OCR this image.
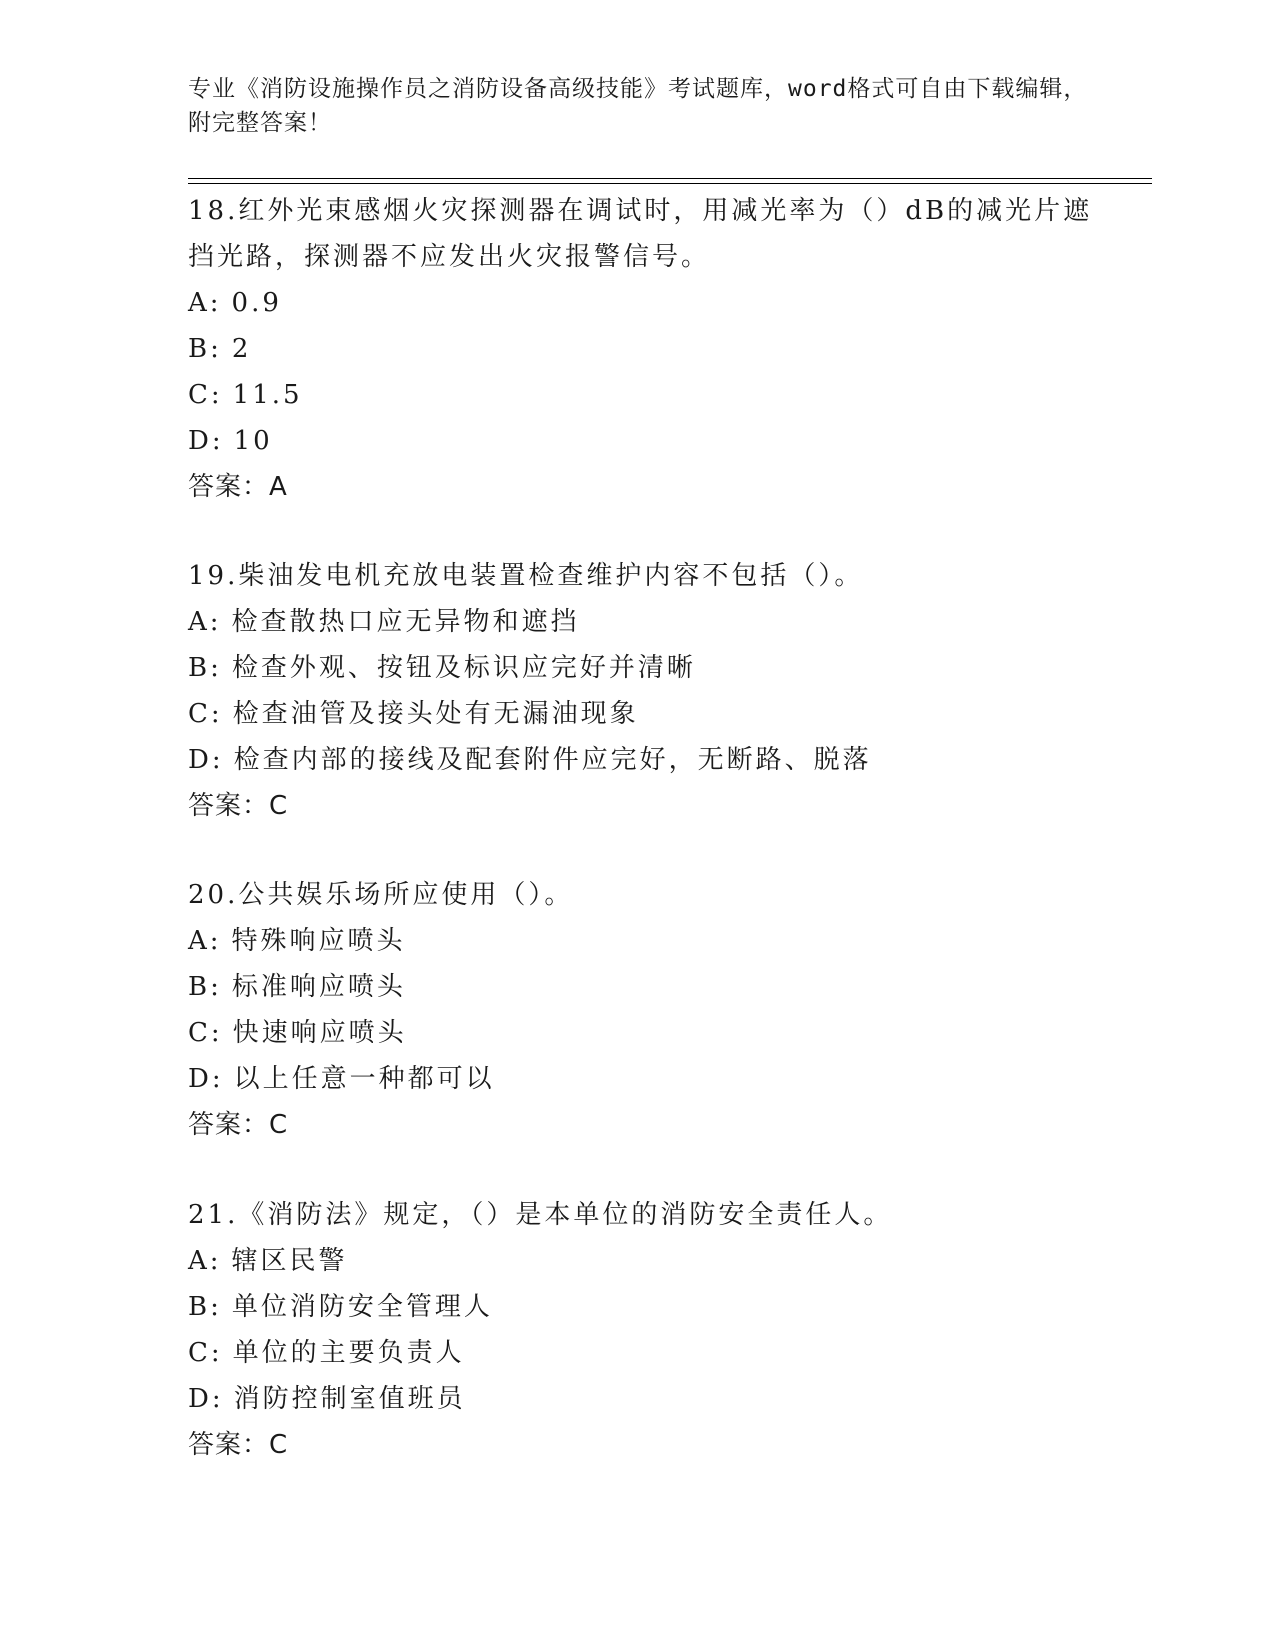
专业《消防设施操作员之消防设备高级技能》考试题库，word格式可自由下载编辑，附完整答案！
18.红外光束感烟火灾探测器在调试时，用减光率为（）dB的减光片遮挡光路，探测器不应发出火灾报警信号。
A: 0.9
B: 2
C: 11.5
D: 10
答案：A
19.柴油发电机充放电装置检查维护内容不包括（）。
A: 检查散热口应无异物和遮挡
B: 检查外观、按钮及标识应完好并清晰
C: 检查油管及接头处有无漏油现象
D: 检查内部的接线及配套附件应完好，无断路、脱落
答案：C
20.公共娱乐场所应使用（）。
A: 特殊响应喷头
B: 标准响应喷头
C: 快速响应喷头
D: 以上任意一种都可以
答案：C
21.《消防法》规定，（）是本单位的消防安全责任人。
A: 辖区民警
B: 单位消防安全管理人
C: 单位的主要负责人
D: 消防控制室值班员
答案：C
